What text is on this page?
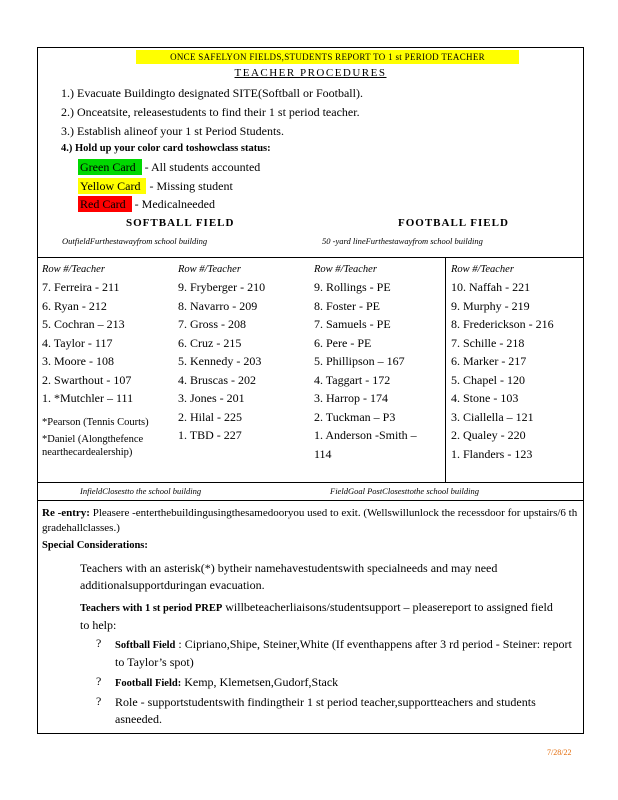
ONCE SAFELYON FIELDS,STUDENTS REPORT TO 1 st PERIOD TEACHER
TEACHER PROCEDURES
1.) Evacuate Buildingto designated SITE(Softball or Football).
2.) Onceatsite, releasestudents to find their 1 st period teacher.
3.) Establish alineof your 1 st Period Students.
4.) Hold up your color card toshowclass status:
Green Card - All students accounted
Yellow Card - Missing student
Red Card - Medicalneeded
SOFTBALL FIELD
OutfieldFurthestawayfrom school building
FOOTBALL FIELD
50 -yard lineFurthestawayfrom school building
Row #/Teacher
7. Ferreira - 211
6. Ryan - 212
5. Cochran – 213
4. Taylor - 117
3. Moore - 108
2. Swarthout - 107
1. *Mutchler – 111
*Pearson (Tennis Courts)
*Daniel (Alongthefence nearthecardealership)
Row #/Teacher
9. Fryberger - 210
8. Navarro - 209
7. Gross - 208
6. Cruz - 215
5. Kennedy - 203
4. Bruscas - 202
3. Jones - 201
2. Hilal - 225
1. TBD - 227
Row #/Teacher
9. Rollings - PE
8. Foster - PE
7. Samuels - PE
6. Pere - PE
5. Phillipson – 167
4. Taggart - 172
3. Harrop - 174
2. Tuckman – P3
1. Anderson -Smith –
114
Row #/Teacher
10. Naffah - 221
9. Murphy - 219
8. Frederickson - 216
7. Schille - 218
6. Marker - 217
5. Chapel - 120
4. Stone - 103
3. Ciallella – 121
2. Qualey - 220
1. Flanders - 123
InfieldClosestto the school building	FieldGoal PostClosesttothe school building
Re -entry: Pleasere -enterthebuildingusingthesamedooryou used to exit. (Wellswillunlock the recessdoor for upstairs/6 th gradehallclasses.)
Special Considerations:
Teachers with an asterisk(*) bytheir namehavestudentswith specialneeds and may need additionalsupportduringan evacuation.
Teachers with 1 st period PREP willbeteacherliaisons/studentsupport – pleasereport to assigned field to help:
? Softball Field : Cipriano,Shipe, Steiner,White (If eventhappens after 3 rd period - Steiner: report to Taylor’s spot)
? Football Field: Kemp, Klemetsen,Gudorf,Stack
? Role - supportstudentswith findingtheir 1 st period teacher,supportteachers and students asneeded.
7/28/22
